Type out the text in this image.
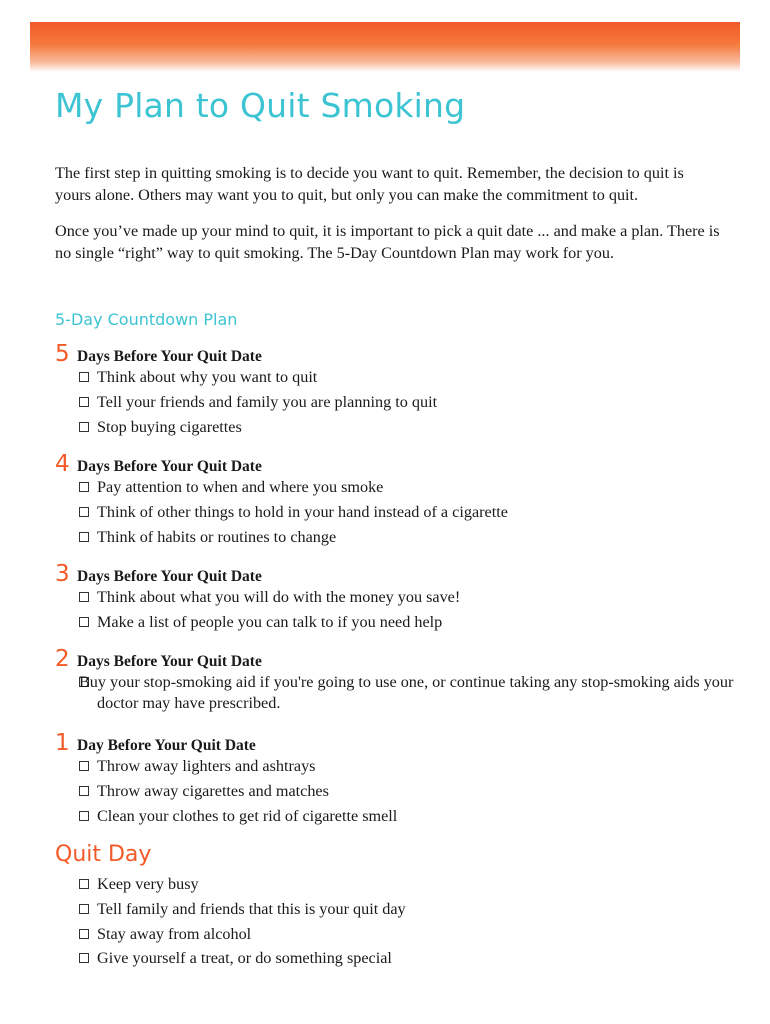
My Plan to Quit Smoking

The first step in quitting smoking is to decide you want to quit. Remember, the decision to quit is yours alone. Others may want you to quit, but only you can make the commitment to quit.

Once you’ve made up your mind to quit, it is important to pick a quit date ... and make a plan. There is no single “right” way to quit smoking. The 5-Day Countdown Plan may work for you.

5-Day Countdown Plan
5 Days Before Your Quit Date
Think about why you want to quit
Tell your friends and family you are planning to quit
Stop buying cigarettes
4 Days Before Your Quit Date
Pay attention to when and where you smoke
Think of other things to hold in your hand instead of a cigarette
Think of habits or routines to change
3 Days Before Your Quit Date
Think about what you will do with the money you save!
Make a list of people you can talk to if you need help
2 Days Before Your Quit Date
Buy your stop-smoking aid if you're going to use one, or continue taking any stop-smoking aids your doctor may have prescribed.
1 Day Before Your Quit Date
Throw away lighters and ashtrays
Throw away cigarettes and matches
Clean your clothes to get rid of cigarette smell
Quit Day
Keep very busy
Tell family and friends that this is your quit day
Stay away from alcohol
Give yourself a treat, or do something special
